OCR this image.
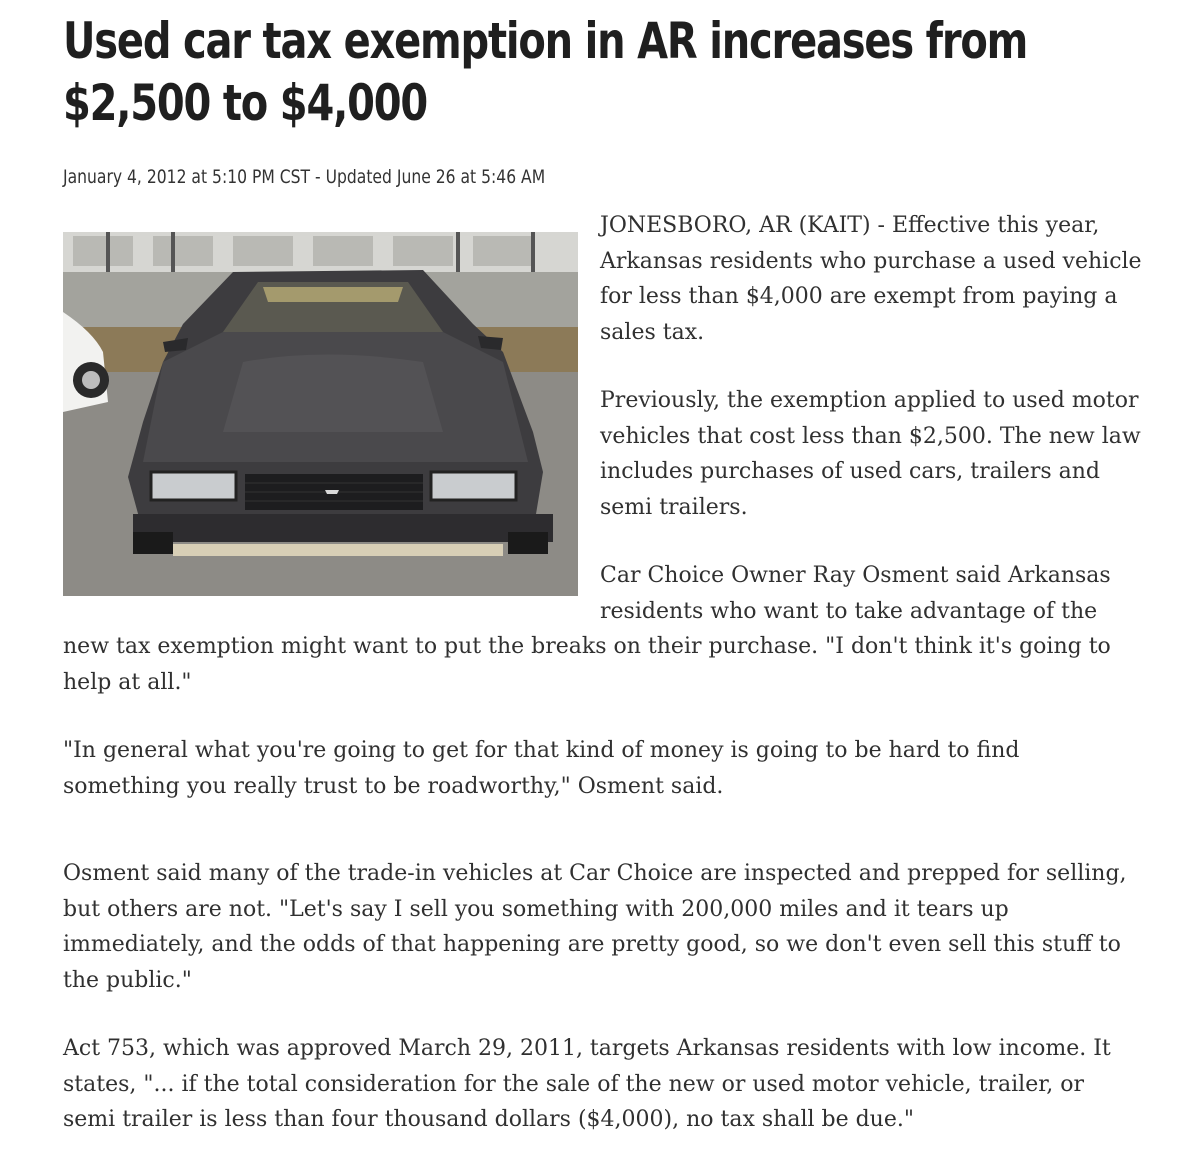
Used car tax exemption in AR increases from $2,500 to $4,000
January 4, 2012 at 5:10 PM CST - Updated June 26 at 5:46 AM

JONESBORO, AR (KAIT) - Effective this year, Arkansas residents who purchase a used vehicle for less than $4,000 are exempt from paying a sales tax.

Previously, the exemption applied to used motor vehicles that cost less than $2,500. The new law includes purchases of used cars, trailers and semi trailers.

Car Choice Owner Ray Osment said Arkansas residents who want to take advantage of the new tax exemption might want to put the breaks on their purchase. "I don't think it's going to help at all."

"In general what you're going to get for that kind of money is going to be hard to find something you really trust to be roadworthy," Osment said.

Osment said many of the trade-in vehicles at Car Choice are inspected and prepped for selling, but others are not. "Let's say I sell you something with 200,000 miles and it tears up immediately, and the odds of that happening are pretty good, so we don't even sell this stuff to the public."

Act 753, which was approved March 29, 2011, targets Arkansas residents with low income. It states, "... if the total consideration for the sale of the new or used motor vehicle, trailer, or semi trailer is less than four thousand dollars ($4,000), no tax shall be due."
